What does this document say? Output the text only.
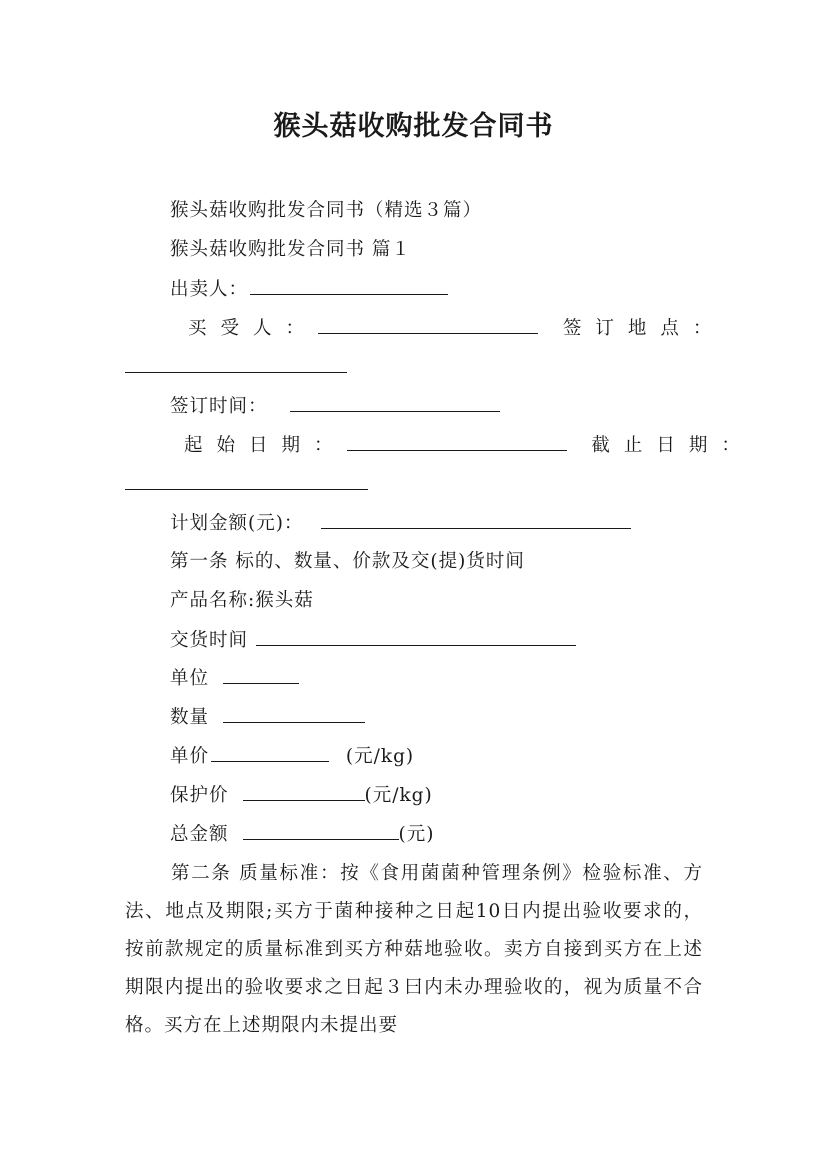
猴头菇收购批发合同书
猴头菇收购批发合同书（精选３篇）
猴头菇收购批发合同书 篇１
出卖人：
买受人：	签订地点：
签订时间：
起始日期：	截止日期：
计划金额(元)：
第一条 标的、数量、价款及交(提)货时间
产品名称:猴头菇
交货时间
单位
数量
单价	(元/kg)
保护价	(元/kg)
总金额	(元)
第二条 质量标准：按《食用菌菌种管理条例》检验标准、方法、地点及期限;买方于菌种接种之日起10日内提出验收要求的，按前款规定的质量标准到买方种菇地验收。卖方自接到买方在上述期限内提出的验收要求之日起３曰内未办理验收的，视为质量不合格。买方在上述期限内未提出要
